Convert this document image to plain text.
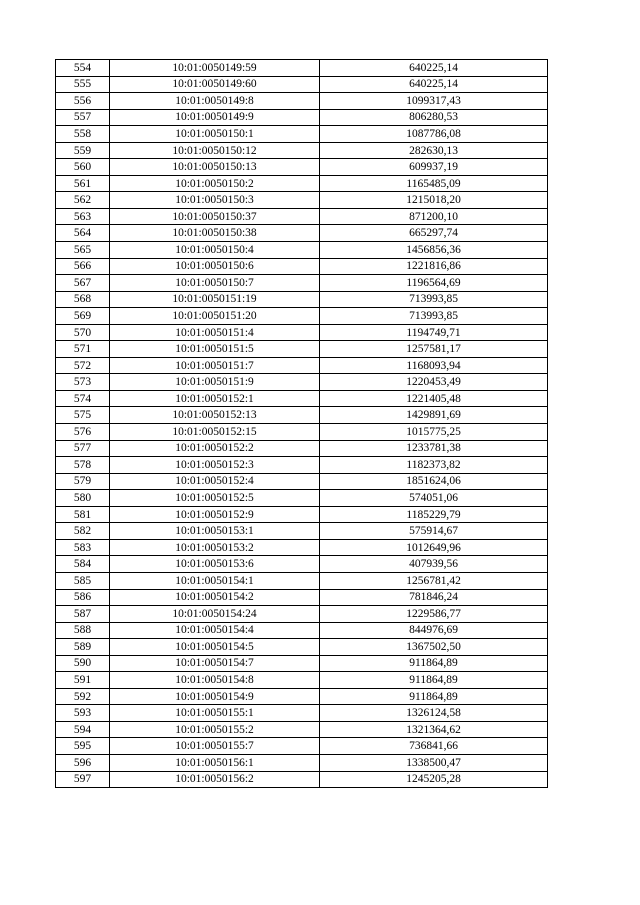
554	10:01:0050149:59	640225,14
555	10:01:0050149:60	640225,14
556	10:01:0050149:8	1099317,43
557	10:01:0050149:9	806280,53
558	10:01:0050150:1	1087786,08
559	10:01:0050150:12	282630,13
560	10:01:0050150:13	609937,19
561	10:01:0050150:2	1165485,09
562	10:01:0050150:3	1215018,20
563	10:01:0050150:37	871200,10
564	10:01:0050150:38	665297,74
565	10:01:0050150:4	1456856,36
566	10:01:0050150:6	1221816,86
567	10:01:0050150:7	1196564,69
568	10:01:0050151:19	713993,85
569	10:01:0050151:20	713993,85
570	10:01:0050151:4	1194749,71
571	10:01:0050151:5	1257581,17
572	10:01:0050151:7	1168093,94
573	10:01:0050151:9	1220453,49
574	10:01:0050152:1	1221405,48
575	10:01:0050152:13	1429891,69
576	10:01:0050152:15	1015775,25
577	10:01:0050152:2	1233781,38
578	10:01:0050152:3	1182373,82
579	10:01:0050152:4	1851624,06
580	10:01:0050152:5	574051,06
581	10:01:0050152:9	1185229,79
582	10:01:0050153:1	575914,67
583	10:01:0050153:2	1012649,96
584	10:01:0050153:6	407939,56
585	10:01:0050154:1	1256781,42
586	10:01:0050154:2	781846,24
587	10:01:0050154:24	1229586,77
588	10:01:0050154:4	844976,69
589	10:01:0050154:5	1367502,50
590	10:01:0050154:7	911864,89
591	10:01:0050154:8	911864,89
592	10:01:0050154:9	911864,89
593	10:01:0050155:1	1326124,58
594	10:01:0050155:2	1321364,62
595	10:01:0050155:7	736841,66
596	10:01:0050156:1	1338500,47
597	10:01:0050156:2	1245205,28
